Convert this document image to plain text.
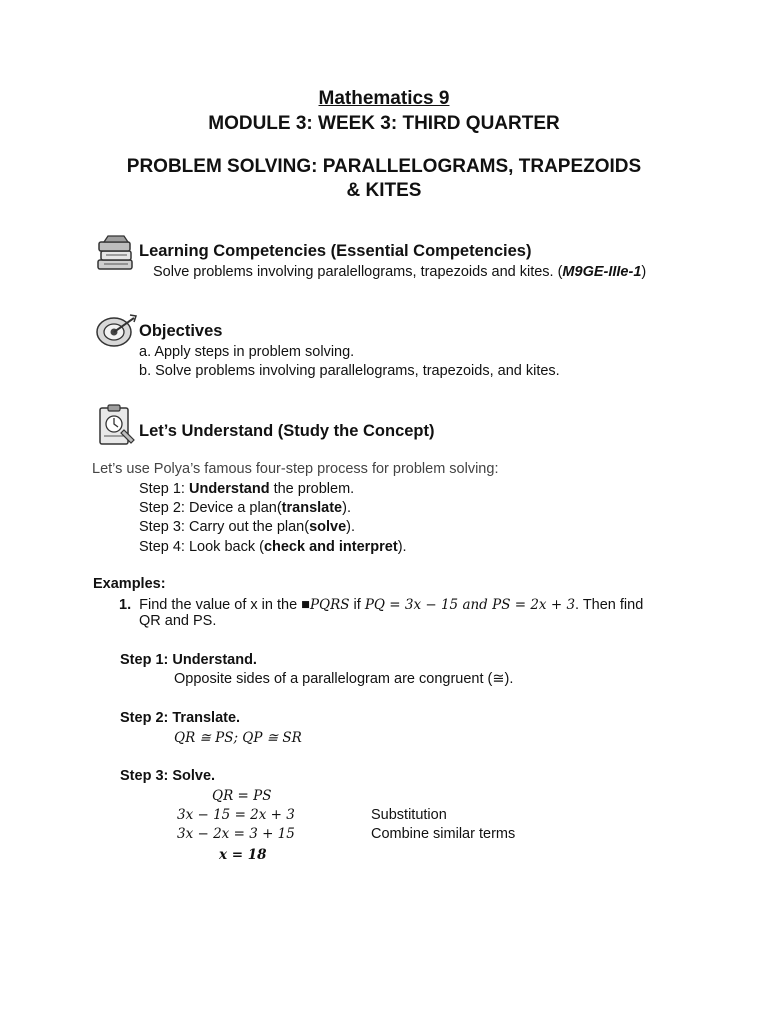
Mathematics 9
MODULE 3: WEEK 3: THIRD QUARTER
PROBLEM SOLVING: PARALLELOGRAMS, TRAPEZOIDS
& KITES
Learning Competencies (Essential Competencies)
Solve problems involving paralellograms, trapezoids and kites. (M9GE-IIIe-1)
Objectives
a. Apply steps in problem solving.
b. Solve problems involving parallelograms, trapezoids, and kites.
Let’s Understand (Study the Concept)
Let’s use Polya’s famous four-step process for problem solving:
Step 1: Understand the problem.
Step 2: Device a plan(translate).
Step 3: Carry out the plan(solve).
Step 4: Look back (check and interpret).
Examples:
1. Find the value of x in the ■PQRS if PQ = 3x − 15 and PS = 2x + 3. Then find
QR and PS.
Step 1: Understand.
Opposite sides of a parallelogram are congruent (≅).
Step 2: Translate.
QR ≅ PS; QP ≅ SR
Step 3: Solve.
QR = PS
3x − 15 = 2x + 3	Substitution
3x − 2x = 3 + 15	Combine similar terms
x = 18
